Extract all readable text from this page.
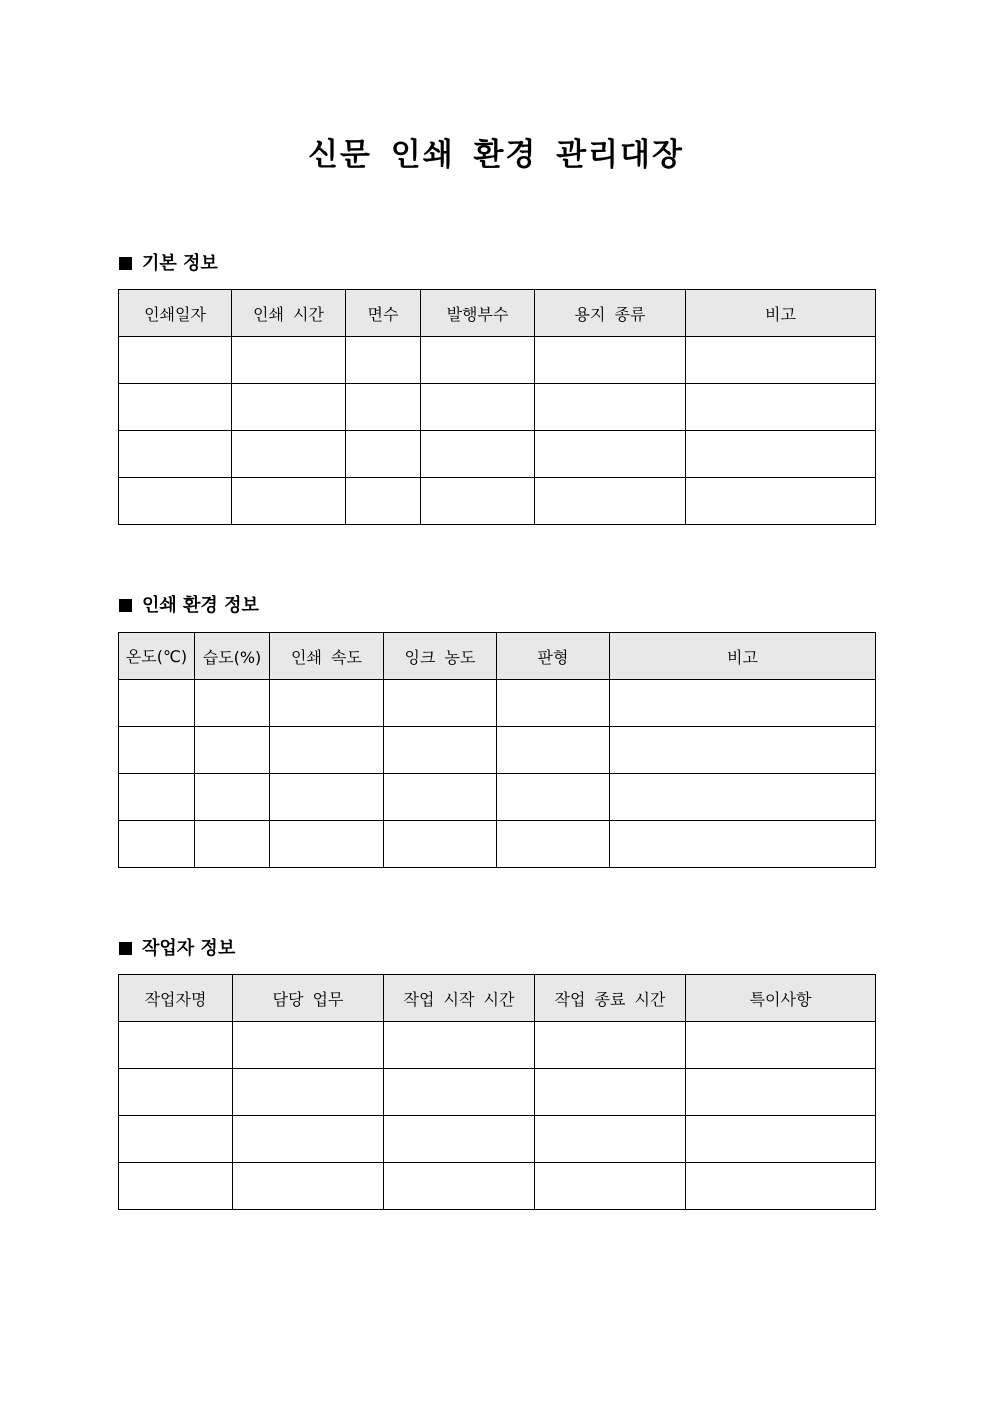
신문 인쇄 환경 관리대장
기본 정보
인쇄일자	인쇄 시간	면수	발행부수	용지 종류	비고

인쇄 환경 정보
온도(℃)	습도(%)	인쇄 속도	잉크 농도	판형	비고

작업자 정보
작업자명	담당 업무	작업 시작 시간	작업 종료 시간	특이사항
